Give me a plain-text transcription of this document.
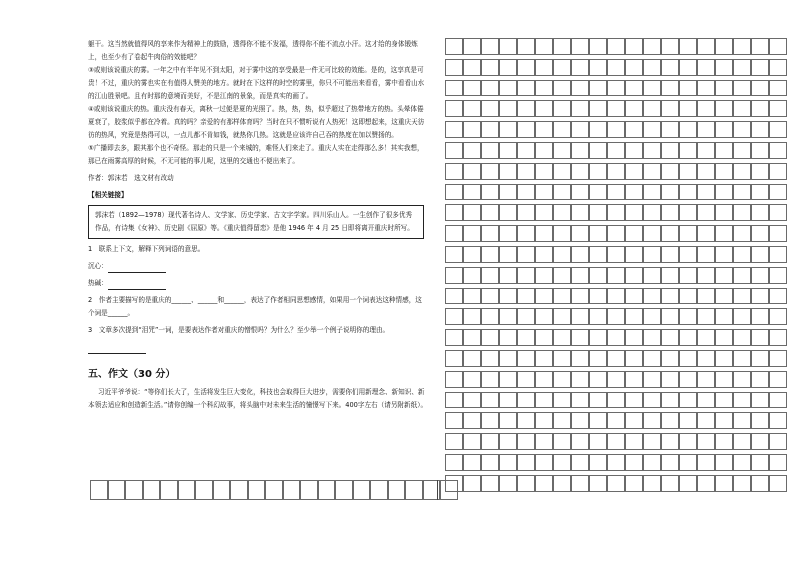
躯干。这当然就值得风的享来作为精神上的鼓励，透得你不能不发福，透得你不能不流点小汗。这才给的身体锻炼上，也至少有了卷起牛肉俗的效能吧？

③或则该说重庆的雾。一年之中有半年见不到太阳，对于雾中这的享受最是一件无可比较的效能。是的，这享真是可贵！不过，重庆的雾也实在有值得人赞美的地方。就时在下这样的时空的雾里，你只不可能出来看看，雾中看看山水的江山胜景吧。且有时那的意境而美好，不是江南的景象，而是真实的画了。

④或则该说重庆的热。重庆没有春天，离秋一过便是夏的光照了。热，热，热，似乎超过了热带地方的热。头晕体倦夏衰了，胶浆似乎都在冷着。真的吗？亲爱的有那样体育吗？当时在只不惯听说有人热死！这即想起来，这重庆天彷彷的热风，究竟是热得可以，一点儿都不肯如钱，就热你几热。这就是应该许自己吞的热度在加以赞扬的。

⑤广播即去多，跟其那个也不奇怪。那走的只是一个来城的，难怪人们来走了。重庆人实在走得那么多！其实我想，那已在雨雾高厚的时候，不无可能的事儿呢，这里的交通也不便出来了。

作者：郭沫若　选文材有改动

【相关链接】
郭沫若（1892—1978）现代著名诗人、文学家、历史学家、古文字学家。四川乐山人。一生创作了很多优秀作品，有诗集《女神》、历史剧《屈原》等。《重庆值得留恋》是他 1946 年 4 月 25 日即将离开重庆时所写。
1　联系上下文，解释下列词语的意思。
沉心：
热碱：
2　作者主要描写的是重庆的______、______和______，表达了作者相同思想感情，如果用一个词表达这种情感，这个词是______。
3　文章多次提到“泪咒”一词，是要表达作者对重庆的憎恨吗？为什么？至少举一个例子说明你的理由。
五、作文（30 分）
习近平爷爷说：“等你们长大了，生活将发生巨大变化，科技也会取得巨大进步，需要你们用新理念、新知识、新本领去适应和创造新生活。”请你创编一个科幻故事，将头脑中对未来生活的憧憬写下来。400字左右（请另附新纸）。
